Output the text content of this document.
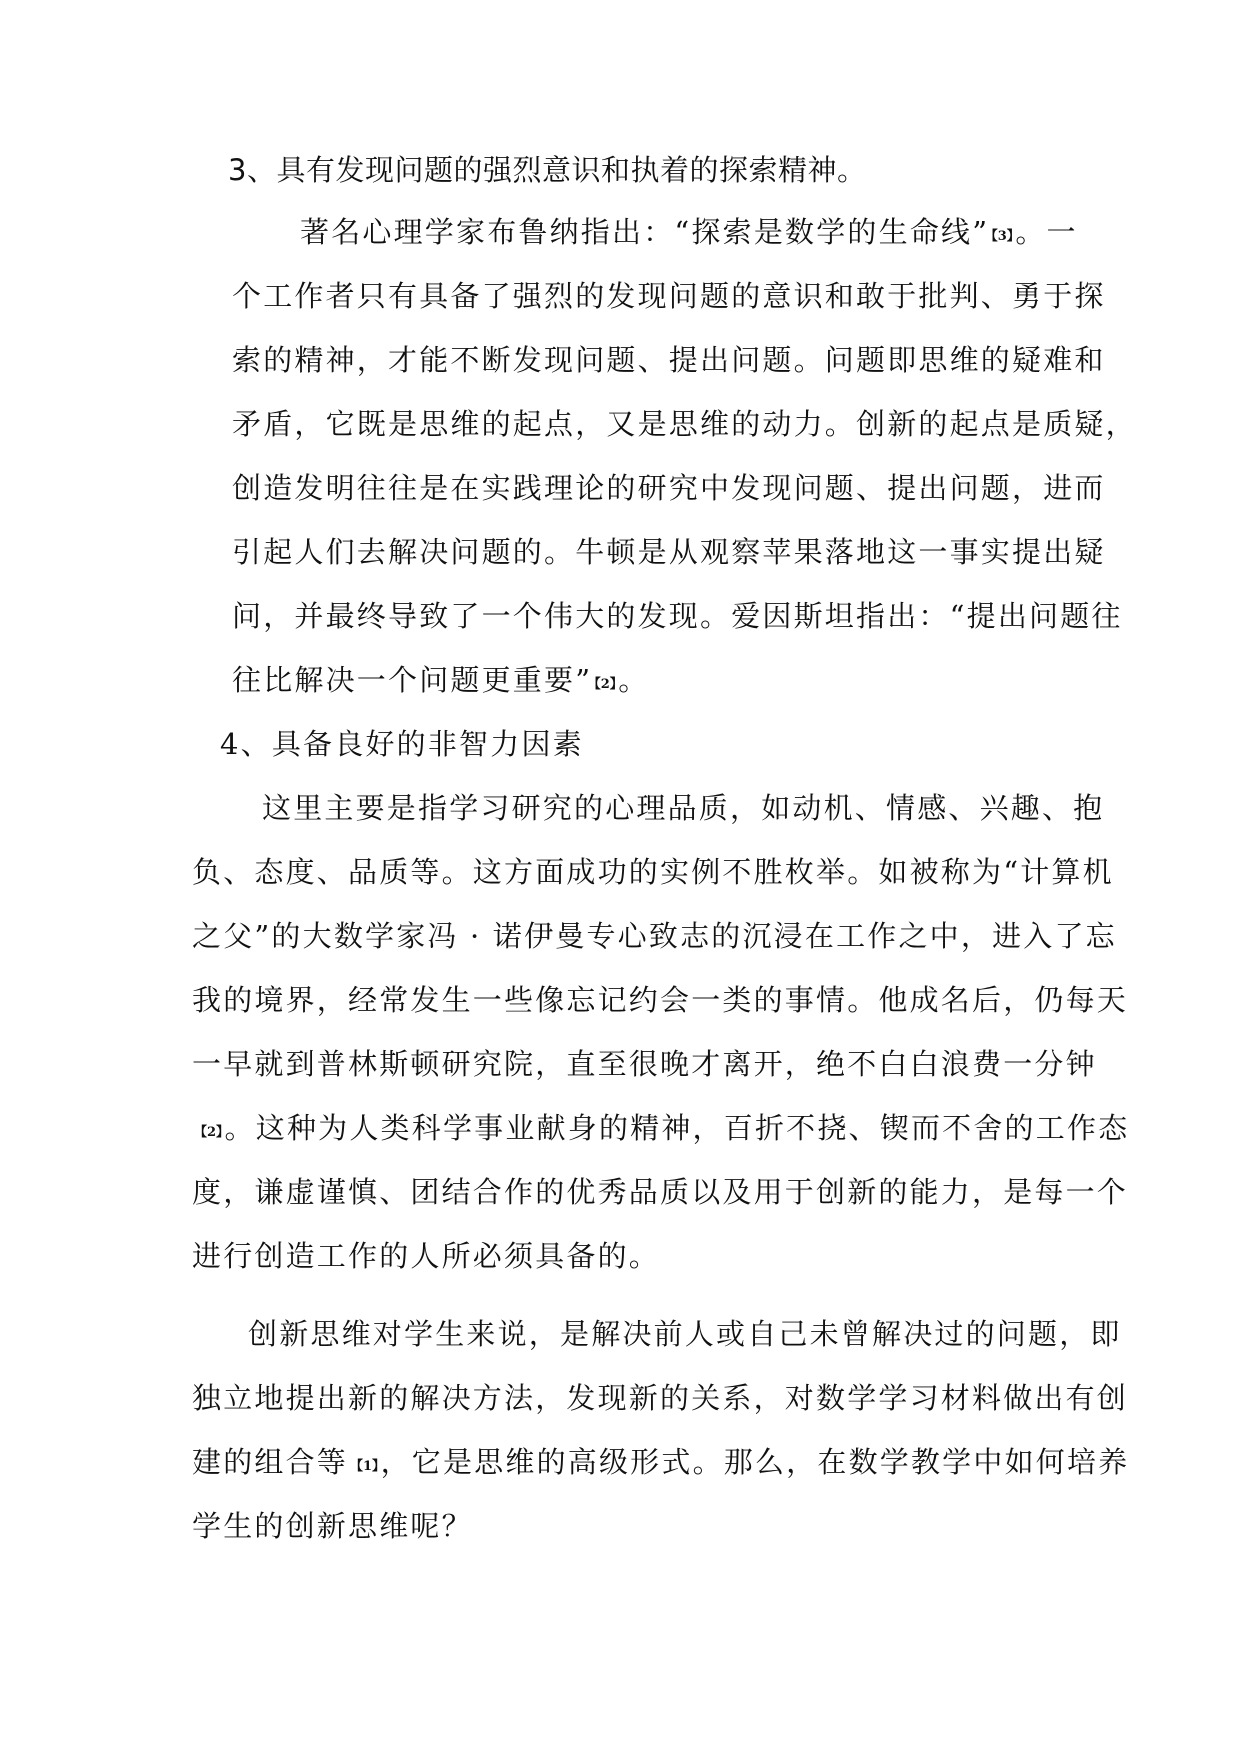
3、具有发现问题的强烈意识和执着的探索精神。
著名心理学家布鲁纳指出：“探索是数学的生命线” 【3】。一
个工作者只有具备了强烈的发现问题的意识和敢于批判、勇于探
索的精神，才能不断发现问题、提出问题。问题即思维的疑难和
矛盾，它既是思维的起点，又是思维的动力。创新的起点是质疑，
创造发明往往是在实践理论的研究中发现问题、提出问题，进而
引起人们去解决问题的。牛顿是从观察苹果落地这一事实提出疑
问，并最终导致了一个伟大的发现。爱因斯坦指出：“提出问题往
往比解决一个问题更重要” 【2】。
4、具备良好的非智力因素
这里主要是指学习研究的心理品质，如动机、情感、兴趣、抱
负、态度、品质等。这方面成功的实例不胜枚举。如被称为“计算机
之父”的大数学家冯 · 诺伊曼专心致志的沉浸在工作之中，进入了忘
我的境界，经常发生一些像忘记约会一类的事情。他成名后，仍每天
一早就到普林斯顿研究院，直至很晚才离开，绝不白白浪费一分钟
【2】。这种为人类科学事业献身的精神，百折不挠、锲而不舍的工作态
度，谦虚谨慎、团结合作的优秀品质以及用于创新的能力，是每一个
进行创造工作的人所必须具备的。
创新思维对学生来说，是解决前人或自己未曾解决过的问题，即
独立地提出新的解决方法，发现新的关系，对数学学习材料做出有创
建的组合等 【1】，它是思维的高级形式。那么，在数学教学中如何培养
学生的创新思维呢？
